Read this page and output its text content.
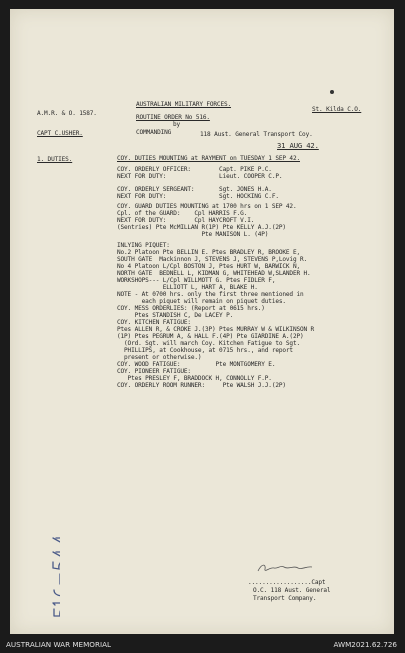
A.M.R. & O. 1587.
AUSTRALIAN MILITARY FORCES.
St. Kilda C.O.
ROUTINE ORDER No 516.
by
CAPT C.USHER.	COMMANDING	118 Aust. General Transport Coy.
31 AUG 42.
1. DUTIES.	COY. DUTIES MOUNTING at RAYMENT on TUESDAY 1 SEP 42.
COY. ORDERLY OFFICER:        Capt. PIKE P.C.
NEXT FOR DUTY:               Lieut. COOPER C.P.
COY. ORDERLY SERGEANT:       Sgt. JONES H.A.
NEXT FOR DUTY:               Sgt. HOCKING C.F.
COY. GUARD DUTIES MOUNTING at 1700 hrs on 1 SEP 42.
Cpl. of the GUARD:    Cpl HARRIS F.G.
NEXT FOR DUTY:        Cpl HAYCROFT V.I.
(Sentries) Pte McMILLAN R(1P) Pte KELLY A.J.(2P)
Pte MANISON L. (4P)
INLYING PIQUET:
No.2 Platoon Pte BELLIN E. Ptes BRADLEY R, BROOKE E,
SOUTH GATE  Mackinnon J, STEVENS J, STEVENS P,Lovig R.
No 4 Platoon L/Cpl BOSTON J, Ptes HURT W, BARWICK N,
NORTH GATE  BEDNELL L, KIDMAN G, WHITEHEAD W,SLANDER H.
WORKSHOPS--- L/Cpl WILLMOTT G. Ptes FIDLER F,
ELLIOTT L, HART A, BLAKE H.
NOTE - At 0700 hrs. only the first three mentioned in
each piquet will remain on piquet duties.
COY. MESS ORDERLIES: (Report at 0615 hrs.)
Ptes STANDISH C, De LACEY P.
COY. KITCHEN FATIGUE:
Ptes ALLEN R, & CROKE J.(3P) Ptes MURRAY W & WILKINSON R
(1P) Ptes PEGRUM A, & HALL F.(4P) Pte GIARDINE A.(2P)
(Ord. Sgt. will march Coy. Kitchen Fatigue to Sgt.
PHILLIPS, at Cookhouse, at 0715 hrs., and report
present or otherwise.)
COY. WOOD FATIGUE:          Pte MONTGOMERY E.
COY. PIONEER FATIGUE:
Ptes PRESLEY F, BRADDOCK H, CONNOLLY F.P.
COY. ORDERLY ROOM RUNNER:     Pte WALSH J.J.(2P)
..................Capt
O.C. 118 Aust. General
Transport Company.
AUSTRALIAN WAR MEMORIAL	AWM2021.62.726
